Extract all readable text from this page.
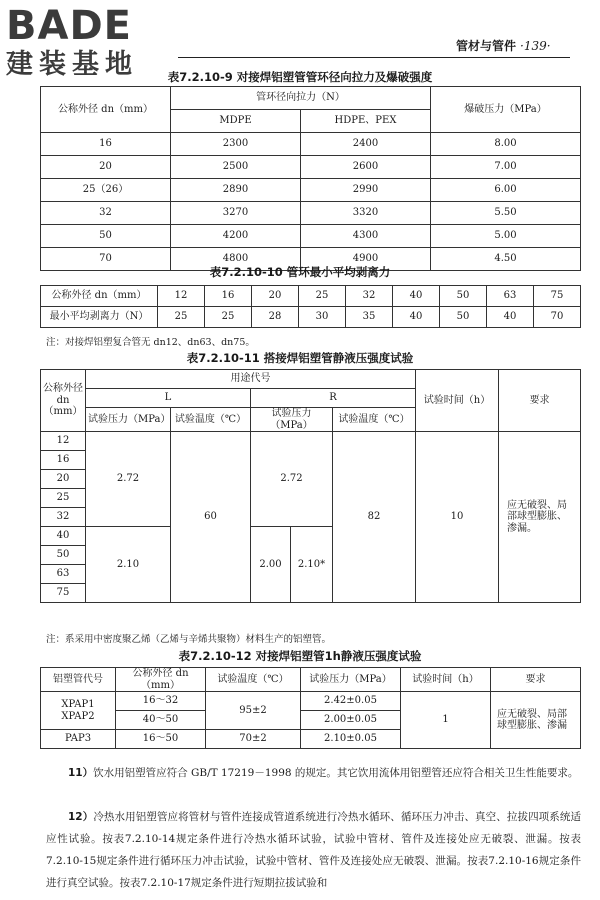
BADE
建装基地
管材与管件 ·139·
表7.2.10-9 对接焊铝塑管管环径向拉力及爆破强度
公称外径 dn（mm）	管环径向拉力（N）		爆破压力（MPa）
	MDPE	HDPE、PEX	
16	2300	2400	8.00
20	2500	2600	7.00
25（26）	2890	2990	6.00
32	3270	3320	5.50
50	4200	4300	5.00
70	4800	4900	4.50
表7.2.10-10 管环最小平均剥离力
公称外径 dn（mm）	12	16	20	25	32	40	50	63	75
最小平均剥离力（N）	25	25	28	30	35	40	50	40	70
注：对接焊铝塑复合管无 dn12、dn63、dn75。
表7.2.10-11 搭接焊铝塑管静液压强度试验
公称外径 dn（mm）	用途代号					试验时间（h）	要求
	L		R				
	试验压力（MPa）	试验温度（℃）	试验压力（MPa）		试验温度（℃）		
12	2.72	60	2.72		82	10	应无破裂、局部球型膨胀、渗漏。
16							
20							
25							
32							
40	2.10		2.00	2.10*			
50							
63							
75							
注：系采用中密度聚乙烯（乙烯与辛烯共聚物）材料生产的铝塑管。
表7.2.10-12 对接焊铝塑管1h静液压强度试验
铝塑管代号	公称外径 dn（mm）	试验温度（℃）	试验压力（MPa）	试验时间（h）	要求

XPAP1
XPAP2	16～32	95±2	2.42±0.05	1	应无破裂、局部球型膨胀、渗漏
	40～50		2.00±0.05		
PAP3	16～50	70±2	2.10±0.05		
11）饮水用铝塑管应符合 GB/T 17219－1998 的规定。其它饮用流体用铝塑管还应符合相关卫生性能要求。
12）冷热水用铝塑管应将管材与管件连接成管道系统进行冷热水循环、循环压力冲击、真空、拉拔四项系统适应性试验。按表7.2.10-14规定条件进行冷热水循环试验，试验中管材、管件及连接处应无破裂、泄漏。按表7.2.10-15规定条件进行循环压力冲击试验，试验中管材、管件及连接处应无破裂、泄漏。按表7.2.10-16规定条件进行真空试验。按表7.2.10-17规定条件进行短期拉拔试验和
